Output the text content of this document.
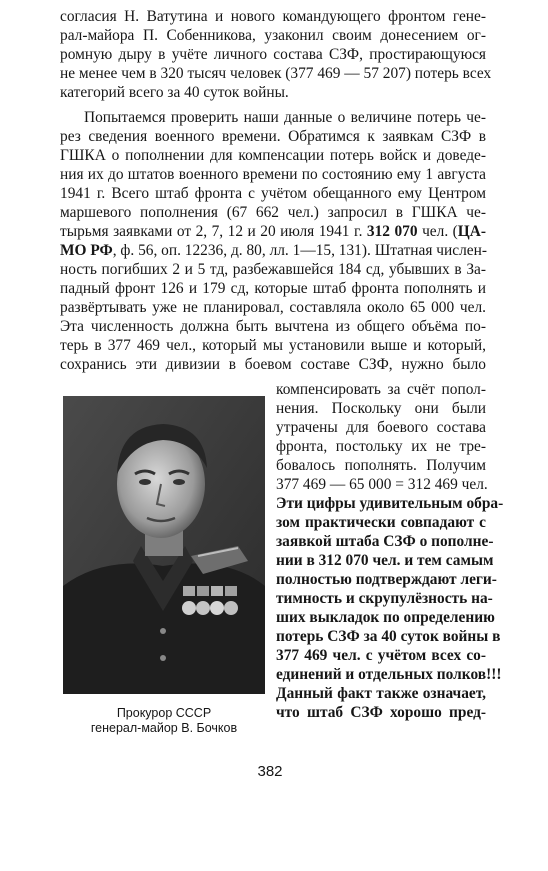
согласия Н. Ватутина и нового командующего фронтом гене-
рал-майора П. Собенникова, узаконил своим донесением ог-
ромную дыру в учёте личного состава СЗФ, простирающуюся
не менее чем в 320 тысяч человек (377 469 — 57 207) потерь всех
категорий всего за 40 суток войны.
Попытаемся проверить наши данные о величине потерь че-
рез сведения военного времени. Обратимся к заявкам СЗФ в
ГШКА о пополнении для компенсации потерь войск и доведе-
ния их до штатов военного времени по состоянию ему 1 августа
1941 г. Всего штаб фронта с учётом обещанного ему Центром
маршевого пополнения (67 662 чел.) запросил в ГШКА че-
тырьмя заявками от 2, 7, 12 и 20 июля 1941 г. 312 070 чел. (ЦА-
МО РФ, ф. 56, оп. 12236, д. 80, лл. 1—15, 131). Штатная числен-
ность погибших 2 и 5 тд, разбежавшейся 184 сд, убывших в За-
падный фронт 126 и 179 сд, которые штаб фронта пополнять и
развёртывать уже не планировал, составляла около 65 000 чел.
Эта численность должна быть вычтена из общего объёма по-
терь в 377 469 чел., который мы установили выше и который,
сохранись эти дивизии в боевом составе СЗФ, нужно было
компенсировать за счёт попол-
нения. Поскольку они были
утрачены для боевого состава
фронта, постольку их не тре-
бовалось пополнять. Получим
377 469 — 65 000 = 312 469 чел.
Эти цифры удивительным обра-
зом практически совпадают с
заявкой штаба СЗФ о пополне-
нии в 312 070 чел. и тем самым
полностью подтверждают леги-
тимность и скрупулёзность на-
ших выкладок по определению
потерь СЗФ за 40 суток войны в
377 469 чел. с учётом всех со-
единений и отдельных полков!!!
Данный факт также означает,
что штаб СЗФ хорошо пред-
Прокурор СССР
генерал-майор В. Бочков
382
